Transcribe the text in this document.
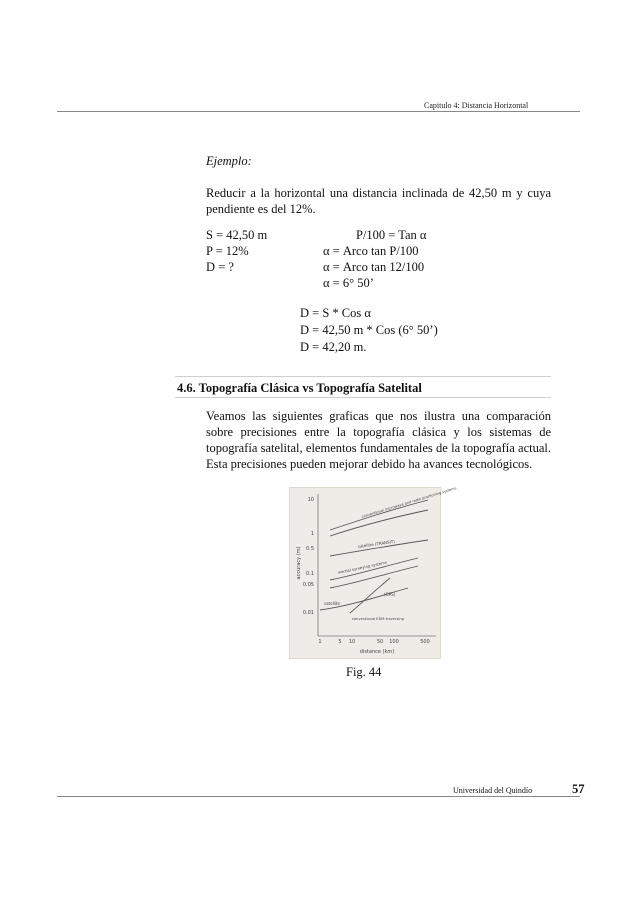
Capitulo 4: Distancia Horizontal
Ejemplo:
Reducir a la horizontal una distancia inclinada de 42,50 m y cuya pendiente es del 12%.
S = 42,50 m
P = 12%
D = ?
P/100 = Tan α
α = Arco tan P/100
α = Arco tan 12/100
α = 6° 50’
D = S * Cos α
D = 42,50 m * Cos (6° 50’)
D = 42,20 m.
4.6. Topografía Clásica vs Topografía Satelital
Veamos las siguientes graficas que nos ilustra una comparación sobre precisiones entre la topografía clásica y los sistemas de topografía satelital, elementos fundamentales de la topografía actual. Esta precisiones pueden mejorar debido ha avances tecnológicos.
10
1
0.5
0.1
0.05
0.01
1	5 10	50 100	500
distance (km)
accuracy (m)
conventional microwave and radio positioning systems
satellite (TRANSIT)
inertial surveying systems
(GPS)
satellite
conventional EDM traversing
Fig. 44
Universidad del Quindío	57
